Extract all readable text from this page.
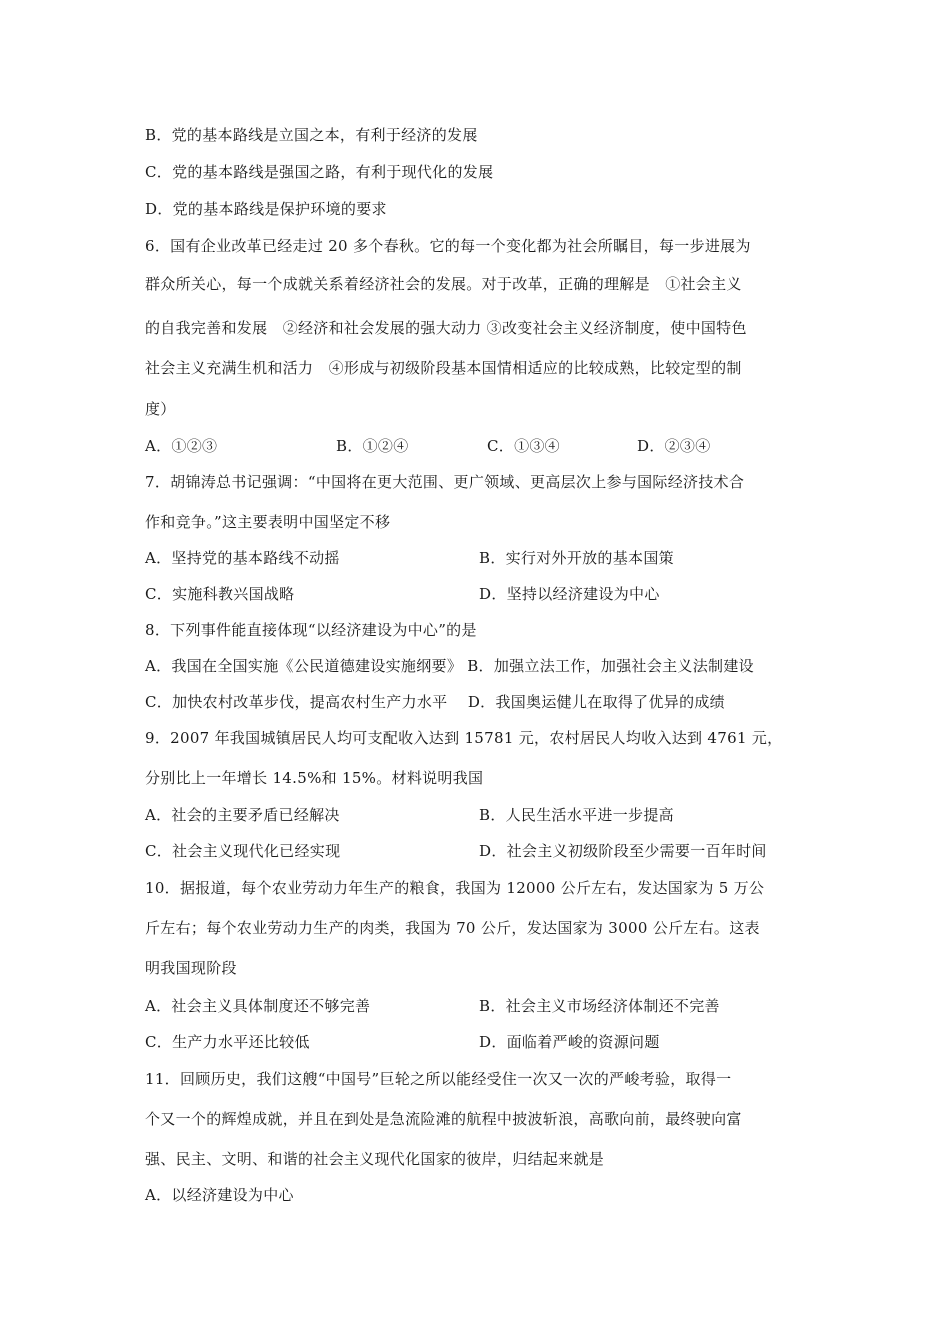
B．党的基本路线是立国之本，有利于经济的发展
C．党的基本路线是强国之路，有利于现代化的发展
D．党的基本路线是保护环境的要求
6．国有企业改革已经走过 20 多个春秋。它的每一个变化都为社会所瞩目，每一步进展为
群众所关心，每一个成就关系着经济社会的发展。对于改革，正确的理解是　①社会主义
的自我完善和发展　②经济和社会发展的强大动力 ③改变社会主义经济制度，使中国特色
社会主义充满生机和活力　④形成与初级阶段基本国情相适应的比较成熟，比较定型的制
度）
A．①②③	B．①②④	C．①③④	D．②③④
7．胡锦涛总书记强调：“中国将在更大范围、更广领域、更高层次上参与国际经济技术合
作和竞争。”这主要表明中国坚定不移
A．坚持党的基本路线不动摇	B．实行对外开放的基本国策
C．实施科教兴国战略	D．坚持以经济建设为中心
8．下列事件能直接体现“以经济建设为中心”的是
A．我国在全国实施《公民道德建设实施纲要》 B．加强立法工作，加强社会主义法制建设
C．加快农村改革步伐，提高农村生产力水平　 D．我国奥运健儿在取得了优异的成绩
9．2007 年我国城镇居民人均可支配收入达到 15781 元，农村居民人均收入达到 4761 元，
分别比上一年增长 14.5%和 15%。材料说明我国
A．社会的主要矛盾已经解决	B．人民生活水平进一步提高
C．社会主义现代化已经实现	D．社会主义初级阶段至少需要一百年时间
10．据报道，每个农业劳动力年生产的粮食，我国为 12000 公斤左右，发达国家为 5 万公
斤左右；每个农业劳动力生产的肉类，我国为 70 公斤，发达国家为 3000 公斤左右。这表
明我国现阶段
A．社会主义具体制度还不够完善	B．社会主义市场经济体制还不完善
C．生产力水平还比较低	D．面临着严峻的资源问题
11．回顾历史，我们这艘“中国号”巨轮之所以能经受住一次又一次的严峻考验，取得一
个又一个的辉煌成就，并且在到处是急流险滩的航程中披波斩浪，高歌向前，最终驶向富
强、民主、文明、和谐的社会主义现代化国家的彼岸，归结起来就是
A．以经济建设为中心
